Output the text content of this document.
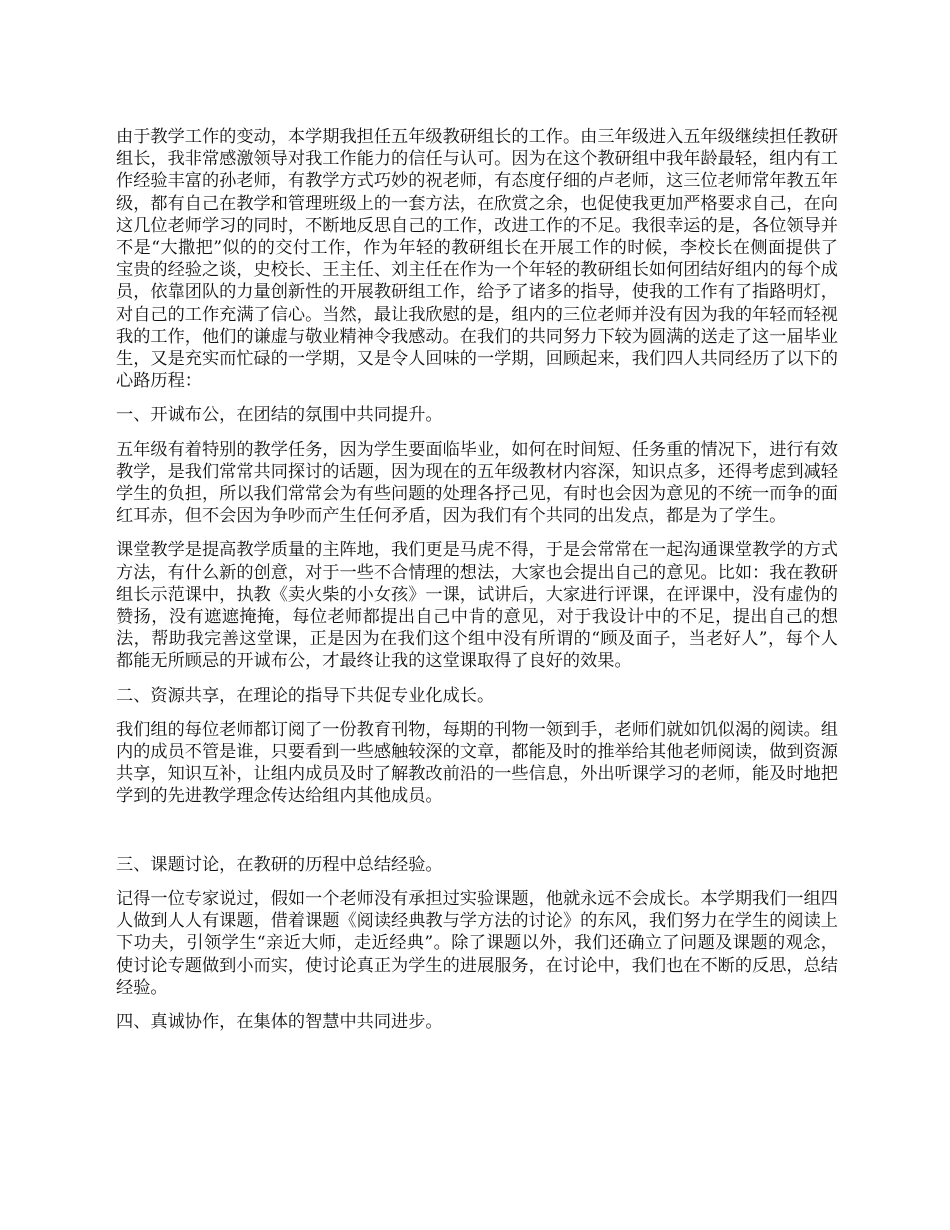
由于教学工作的变动，本学期我担任五年级教研组长的工作。由三年级进入五年级继续担任教研组长，我非常感激领导对我工作能力的信任与认可。因为在这个教研组中我年龄最轻，组内有工作经验丰富的孙老师，有教学方式巧妙的祝老师，有态度仔细的卢老师，这三位老师常年教五年级，都有自己在教学和管理班级上的一套方法，在欣赏之余，也促使我更加严格要求自己，在向这几位老师学习的同时，不断地反思自己的工作，改进工作的不足。我很幸运的是，各位领导并不是“大撒把”似的的交付工作，作为年轻的教研组长在开展工作的时候，李校长在侧面提供了宝贵的经验之谈，史校长、王主任、刘主任在作为一个年轻的教研组长如何团结好组内的每个成员，依靠团队的力量创新性的开展教研组工作，给予了诸多的指导，使我的工作有了指路明灯，对自己的工作充满了信心。当然，最让我欣慰的是，组内的三位老师并没有因为我的年轻而轻视我的工作，他们的谦虚与敬业精神令我感动。在我们的共同努力下较为圆满的送走了这一届毕业生，又是充实而忙碌的一学期，又是令人回味的一学期，回顾起来，我们四人共同经历了以下的心路历程：

一、开诚布公，在团结的氛围中共同提升。

五年级有着特别的教学任务，因为学生要面临毕业，如何在时间短、任务重的情况下，进行有效教学，是我们常常共同探讨的话题，因为现在的五年级教材内容深，知识点多，还得考虑到减轻学生的负担，所以我们常常会为有些问题的处理各抒己见，有时也会因为意见的不统一而争的面红耳赤，但不会因为争吵而产生任何矛盾，因为我们有个共同的出发点，都是为了学生。

课堂教学是提高教学质量的主阵地，我们更是马虎不得，于是会常常在一起沟通课堂教学的方式方法，有什么新的创意，对于一些不合情理的想法，大家也会提出自己的意见。比如：我在教研组长示范课中，执教《卖火柴的小女孩》一课，试讲后，大家进行评课，在评课中，没有虚伪的赞扬，没有遮遮掩掩，每位老师都提出自己中肯的意见，对于我设计中的不足，提出自己的想法，帮助我完善这堂课，正是因为在我们这个组中没有所谓的“顾及面子，当老好人”，每个人都能无所顾忌的开诚布公，才最终让我的这堂课取得了良好的效果。

二、资源共享，在理论的指导下共促专业化成长。

我们组的每位老师都订阅了一份教育刊物，每期的刊物一领到手，老师们就如饥似渴的阅读。组内的成员不管是谁，只要看到一些感触较深的文章，都能及时的推举给其他老师阅读，做到资源共享，知识互补，让组内成员及时了解教改前沿的一些信息，外出听课学习的老师，能及时地把学到的先进教学理念传达给组内其他成员。

三、课题讨论，在教研的历程中总结经验。

记得一位专家说过，假如一个老师没有承担过实验课题，他就永远不会成长。本学期我们一组四人做到人人有课题，借着课题《阅读经典教与学方法的讨论》的东风，我们努力在学生的阅读上下功夫，引领学生“亲近大师，走近经典”。除了课题以外，我们还确立了问题及课题的观念，使讨论专题做到小而实，使讨论真正为学生的进展服务，在讨论中，我们也在不断的反思，总结经验。

四、真诚协作，在集体的智慧中共同进步。
